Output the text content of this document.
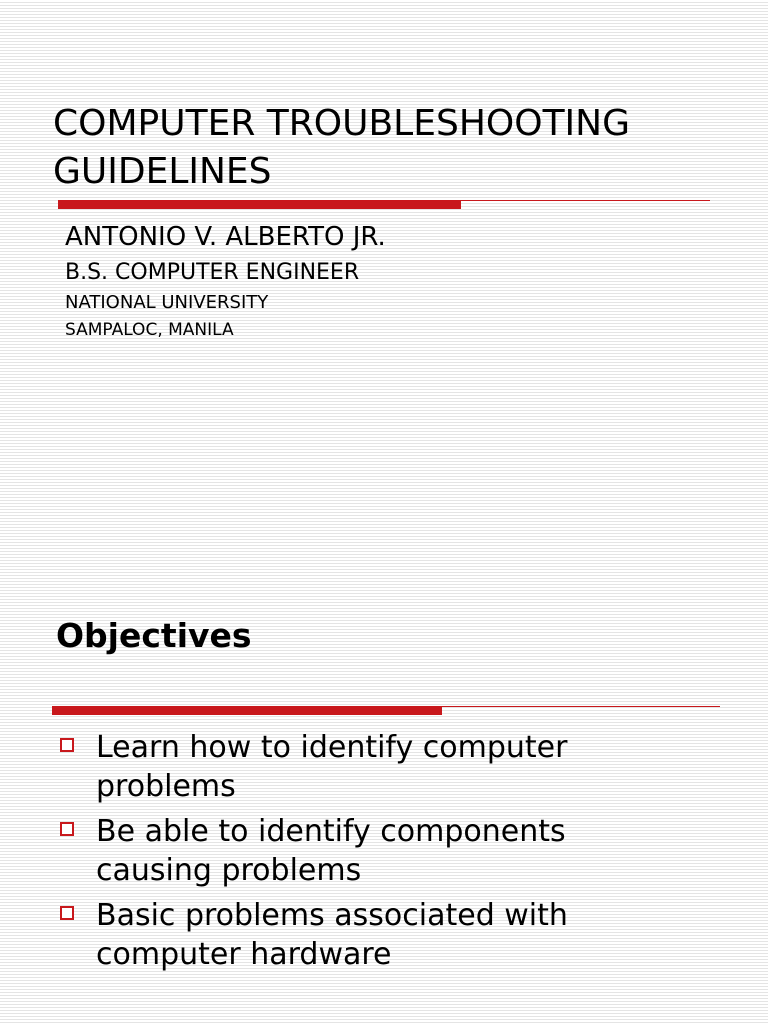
COMPUTER TROUBLESHOOTING
GUIDELINES

ANTONIO V. ALBERTO JR.

B.S. COMPUTER ENGINEER

NATIONAL UNIVERSITY

SAMPALOC, MANILA

Objectives
Learn how to identify computer
problems
Be able to identify components
causing problems
Basic problems associated with
computer hardware
